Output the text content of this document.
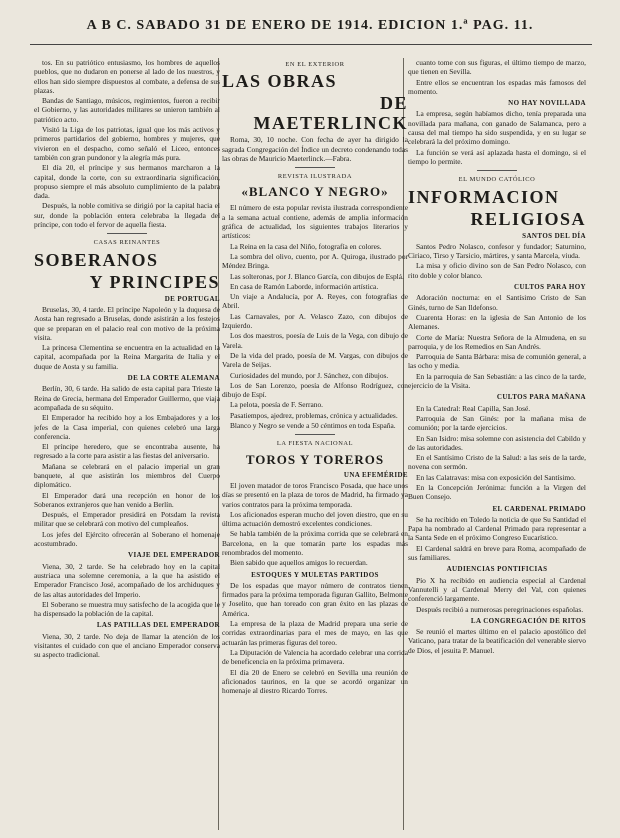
A B C. SABADO 31 DE ENERO DE 1914. EDICION 1.ª PAG. 11.

tos. En su patriótico entusiasmo, los hombres de aquellos pueblos, que no dudaron en ponerse al lado de los nuestros, y ellos han sido siempre dispuestos al combate, a defensa de sus plazas.

Bandas de Santiago, músicos, regimientos, fueron a recibir el Gobierno, y las autoridades militares se unieron también al patriótico acto.

Visitó la Liga de los patriotas, igual que los más activos y primeros partidarios del gobierno, hombres y mujeres, que vivieron en el despacho, como señaló el Liceo, entonces también con gran pundonor y la alegría más pura.

El día 20, el príncipe y sus hermanos marcharon a la capital, donde la corte, con su extraordinaria significación, propuso siempre el más absoluto cumplimiento de la palabra dada.

Después, la noble comitiva se dirigió por la capital hacia el sur, donde la población entera celebraba la llegada del príncipe, con todo el fervor de aquella fiesta.

CASAS REINANTES
SOBERANOS
Y PRINCIPES
DE PORTUGAL

Bruselas, 30, 4 tarde. El príncipe Napoleón y la duquesa de Aosta han regresado a Bruselas, donde asistirán a los festejos que se preparan en el palacio real con motivo de la próxima visita.

La princesa Clementina se encuentra en la actualidad en la capital, acompañada por la Reina Margarita de Italia y el duque de Aosta y su familia.

DE LA CORTE ALEMANA

Berlín, 30, 6 tarde. Ha salido de esta capital para Trieste la Reina de Grecia, hermana del Emperador Guillermo, que viaja acompañada de su séquito.

El Emperador ha recibido hoy a los Embajadores y a los jefes de la Casa imperial, con quienes celebró una larga conferencia.

El príncipe heredero, que se encontraba ausente, ha regresado a la corte para asistir a las fiestas del aniversario.

Mañana se celebrará en el palacio imperial un gran banquete, al que asistirán los miembros del Cuerpo diplomático.

El Emperador dará una recepción en honor de los Soberanos extranjeros que han venido a Berlín.

Después, el Emperador presidirá en Potsdam la revista militar que se celebrará con motivo del cumpleaños.

Los jefes del Ejército ofrecerán al Soberano el homenaje acostumbrado.

VIAJE DEL EMPERADOR

Viena, 30, 2 tarde. Se ha celebrado hoy en la capital austriaca una solemne ceremonia, a la que ha asistido el Emperador Francisco José, acompañado de los archiduques y de las altas autoridades del Imperio.

El Soberano se muestra muy satisfecho de la acogida que le ha dispensado la población de la capital.

LAS PATILLAS DEL EMPERADOR

Viena, 30, 2 tarde. No deja de llamar la atención de los visitantes el cuidado con que el anciano Emperador conserva su aspecto tradicional.

EN EL EXTERIOR
LAS OBRAS
DE MAETERLINCK

Roma, 30, 10 noche. Con fecha de ayer ha dirigido la sagrada Congregación del Índice un decreto condenando todas las obras de Mauricio Maeterlinck.—Fabra.

REVISTA ILUSTRADA
«BLANCO Y NEGRO»

El número de esta popular revista ilustrada correspondiente a la semana actual contiene, además de amplia información gráfica de actualidad, los siguientes trabajos literarios y artísticos:

La Reina en la casa del Niño, fotografía en colores.

La sombra del olivo, cuento, por A. Quiroga, ilustrado por Méndez Bringa.

Las solteronas, por J. Blanco García, con dibujos de Esplá.

En casa de Ramón Laborde, información artística.

Un viaje a Andalucía, por A. Reyes, con fotografías de Abril.

Las Carnavales, por A. Velasco Zazo, con dibujos de Izquierdo.

Los dos maestros, poesía de Luis de la Vega, con dibujo de Varela.

De la vida del prado, poesía de M. Vargas, con dibujos de Varela de Seijas.

Curiosidades del mundo, por J. Sánchez, con dibujos.

Los de San Lorenzo, poesía de Alfonso Rodríguez, con dibujo de Espí.

La pelota, poesía de F. Serrano.

Pasatiempos, ajedrez, problemas, crónica y actualidades.

Blanco y Negro se vende a 50 céntimos en toda España.

LA FIESTA NACIONAL
TOROS Y TOREROS
UNA EFEMÉRIDE

El joven matador de toros Francisco Posada, que hace unos días se presentó en la plaza de toros de Madrid, ha firmado ya varios contratos para la próxima temporada.

Los aficionados esperan mucho del joven diestro, que en su última actuación demostró excelentes condiciones.

Se habla también de la próxima corrida que se celebrará en Barcelona, en la que tomarán parte los espadas más renombrados del momento.

Bien sabido que aquellos amigos lo recuerdan.

ESTOQUES Y MULETAS PARTIDOS

De los espadas que mayor número de contratos tienen firmados para la próxima temporada figuran Gallito, Belmonte y Joselito, que han toreado con gran éxito en las plazas de América.

La empresa de la plaza de Madrid prepara una serie de corridas extraordinarias para el mes de mayo, en las que actuarán las primeras figuras del toreo.

La Diputación de Valencia ha acordado celebrar una corrida de beneficencia en la próxima primavera.

El día 20 de Enero se celebró en Sevilla una reunión de aficionados taurinos, en la que se acordó organizar un homenaje al diestro Ricardo Torres.

cuanto tome con sus figuras, el último tiempo de marzo, que tienen en Sevilla.

Entre ellos se encuentran los espadas más famosos del momento.

NO HAY NOVILLADA

La empresa, según habíamos dicho, tenía preparada una novillada para mañana, con ganado de Salamanca, pero a causa del mal tiempo ha sido suspendida, y en su lugar se celebrará la del próximo domingo.

La función se verá así aplazada hasta el domingo, si el tiempo lo permite.

EL MUNDO CATÓLICO
INFORMACION
RELIGIOSA
SANTOS DEL DÍA

Santos Pedro Nolasco, confesor y fundador; Saturnino, Ciriaco, Tirso y Tarsicio, mártires, y santa Marcela, viuda.

La misa y oficio divino son de San Pedro Nolasco, con rito doble y color blanco.

CULTOS PARA HOY

Adoración nocturna: en el Santísimo Cristo de San Ginés, turno de San Ildefonso.

Cuarenta Horas: en la iglesia de San Antonio de los Alemanes.

Corte de María: Nuestra Señora de la Almudena, en su parroquia, y de los Remedios en San Andrés.

Parroquia de Santa Bárbara: misa de comunión general, a las ocho y media.

En la parroquia de San Sebastián: a las cinco de la tarde, ejercicio de la Visita.

CULTOS PARA MAÑANA

En la Catedral: Real Capilla, San José.

Parroquia de San Ginés: por la mañana misa de comunión; por la tarde ejercicios.

En San Isidro: misa solemne con asistencia del Cabildo y de las autoridades.

En el Santísimo Cristo de la Salud: a las seis de la tarde, novena con sermón.

En las Calatravas: misa con exposición del Santísimo.

En la Concepción Jerónima: función a la Virgen del Buen Consejo.

EL CARDENAL PRIMADO

Se ha recibido en Toledo la noticia de que Su Santidad el Papa ha nombrado al Cardenal Primado para representar a la Santa Sede en el próximo Congreso Eucarístico.

El Cardenal saldrá en breve para Roma, acompañado de sus familiares.

AUDIENCIAS PONTIFICIAS

Pío X ha recibido en audiencia especial al Cardenal Vannutelli y al Cardenal Merry del Val, con quienes conferenció largamente.

Después recibió a numerosas peregrinaciones españolas.

LA CONGREGACIÓN DE RITOS

Se reunió el martes último en el palacio apostólico del Vaticano, para tratar de la beatificación del venerable siervo de Dios, el jesuita P. Manuel.
